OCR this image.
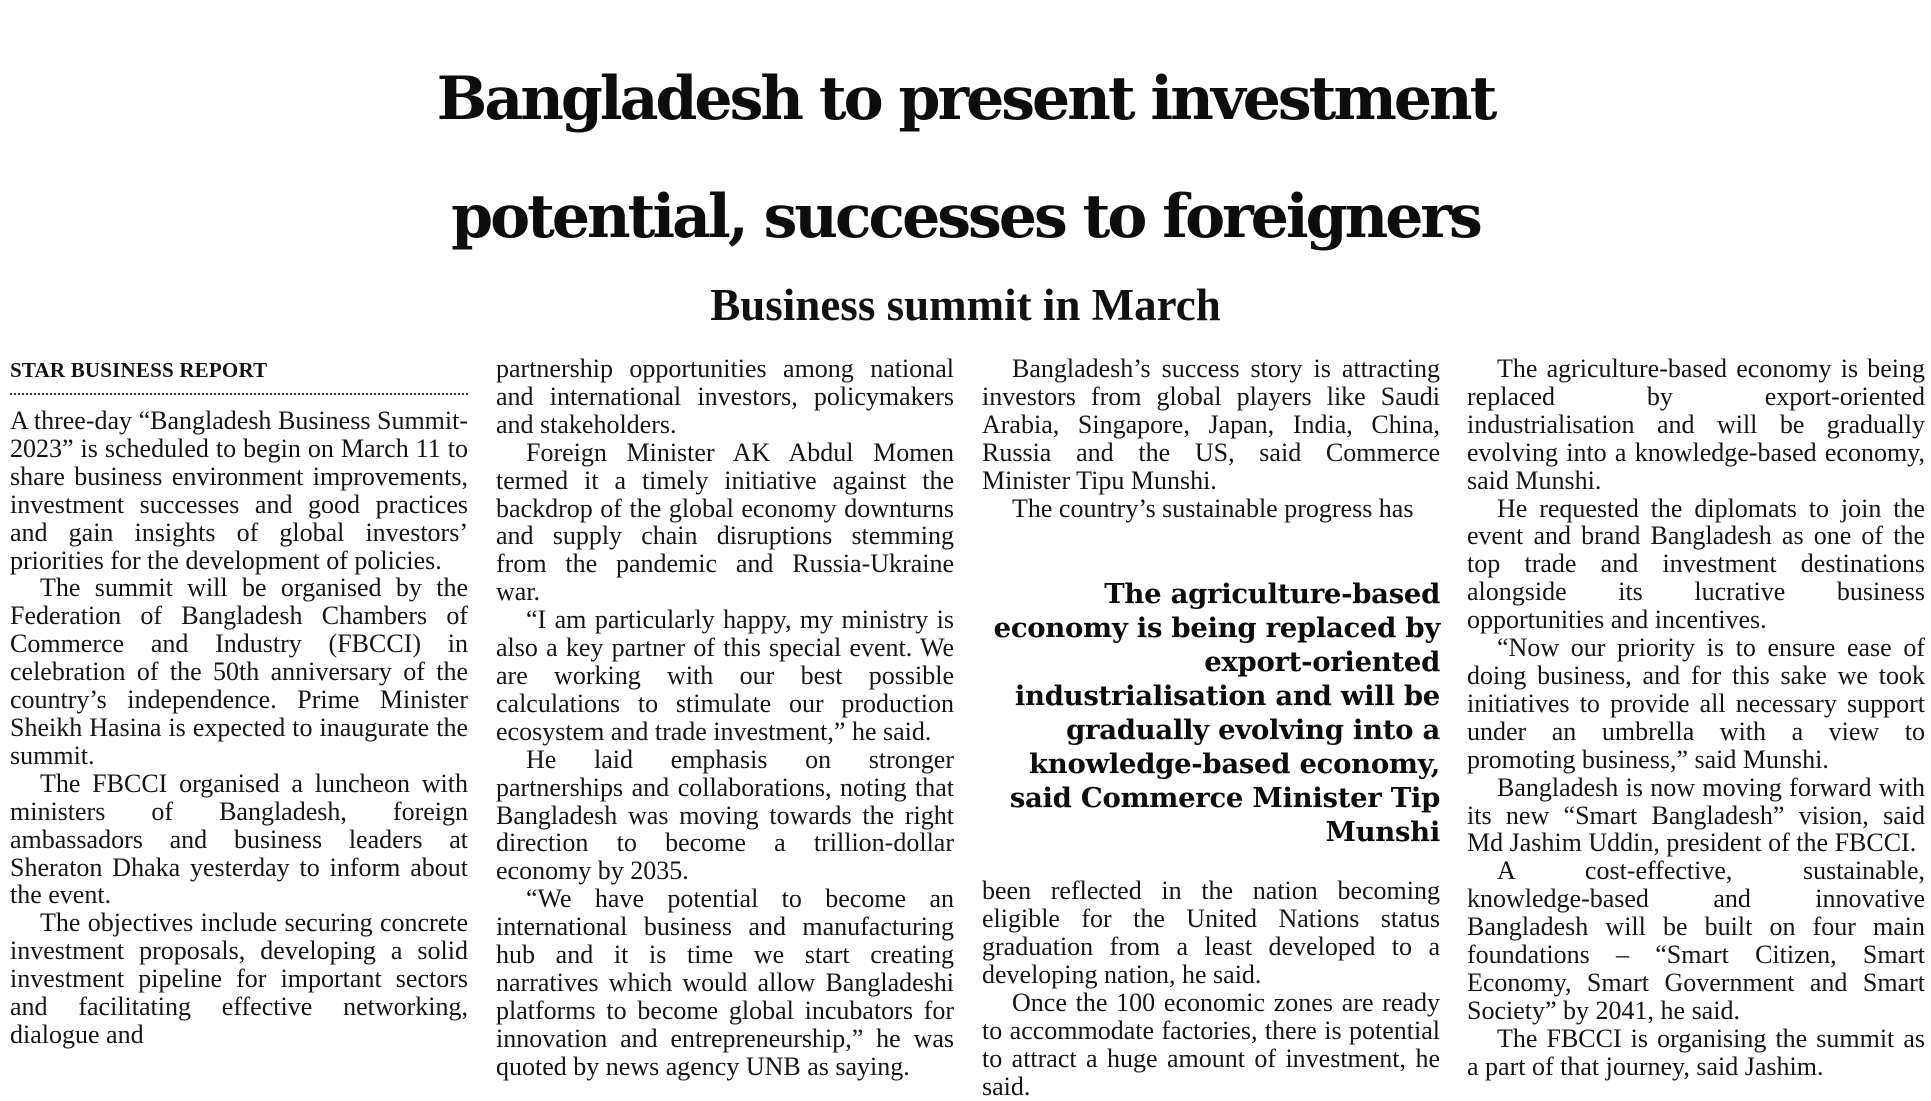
Bangladesh to present investment
potential, successes to foreigners
Business summit in March
STAR BUSINESS REPORT

A three-day “Bangladesh Business Summit-2023” is scheduled to begin on March 11 to share business environment improvements, investment successes and good practices and gain insights of global investors’ priorities for the development of policies.

The summit will be organised by the Federation of Bangladesh Chambers of Commerce and Industry (FBCCI) in celebration of the 50th anniversary of the country’s independence. Prime Minister Sheikh Hasina is expected to inaugurate the summit.

The FBCCI organised a luncheon with ministers of Bangladesh, foreign ambassadors and business leaders at Sheraton Dhaka yesterday to inform about the event.

The objectives include securing concrete investment proposals, developing a solid investment pipeline for important sectors and facilitating effective networking, dialogue and

partnership opportunities among national and international investors, policymakers and stakeholders.

Foreign Minister AK Abdul Momen termed it a timely initiative against the backdrop of the global economy downturns and supply chain disruptions stemming from the pandemic and Russia-Ukraine war.

“I am particularly happy, my ministry is also a key partner of this special event. We are working with our best possible calculations to stimulate our production ecosystem and trade investment,” he said.

He laid emphasis on stronger partnerships and collaborations, noting that Bangladesh was moving towards the right direction to become a trillion-dollar economy by 2035.

“We have potential to become an international business and manufacturing hub and it is time we start creating narratives which would allow Bangladeshi platforms to become global incubators for innovation and entrepreneurship,” he was quoted by news agency UNB as saying.

Bangladesh’s success story is attracting investors from global players like Saudi Arabia, Singapore, Japan, India, China, Russia and the US, said Commerce Minister Tipu Munshi.

The country’s sustainable progress has

The agriculture-based economy is being replaced by export-oriented industrialisation and will be gradually evolving into a knowledge-based economy, said Commerce Minister Tip Munshi

been reflected in the nation becoming eligible for the United Nations status graduation from a least developed to a developing nation, he said.

Once the 100 economic zones are ready to accommodate factories, there is potential to attract a huge amount of investment, he said.

The agriculture-based economy is being replaced by export-oriented industrialisation and will be gradually evolving into a knowledge-based economy, said Munshi.

He requested the diplomats to join the event and brand Bangladesh as one of the top trade and investment destinations alongside its lucrative business opportunities and incentives.

“Now our priority is to ensure ease of doing business, and for this sake we took initiatives to provide all necessary support under an umbrella with a view to promoting business,” said Munshi.

Bangladesh is now moving forward with its new “Smart Bangladesh” vision, said Md Jashim Uddin, president of the FBCCI.

A cost-effective, sustainable, knowledge-based and innovative Bangladesh will be built on four main foundations – “Smart Citizen, Smart Economy, Smart Government and Smart Society” by 2041, he said.

The FBCCI is organising the summit as a part of that journey, said Jashim.
